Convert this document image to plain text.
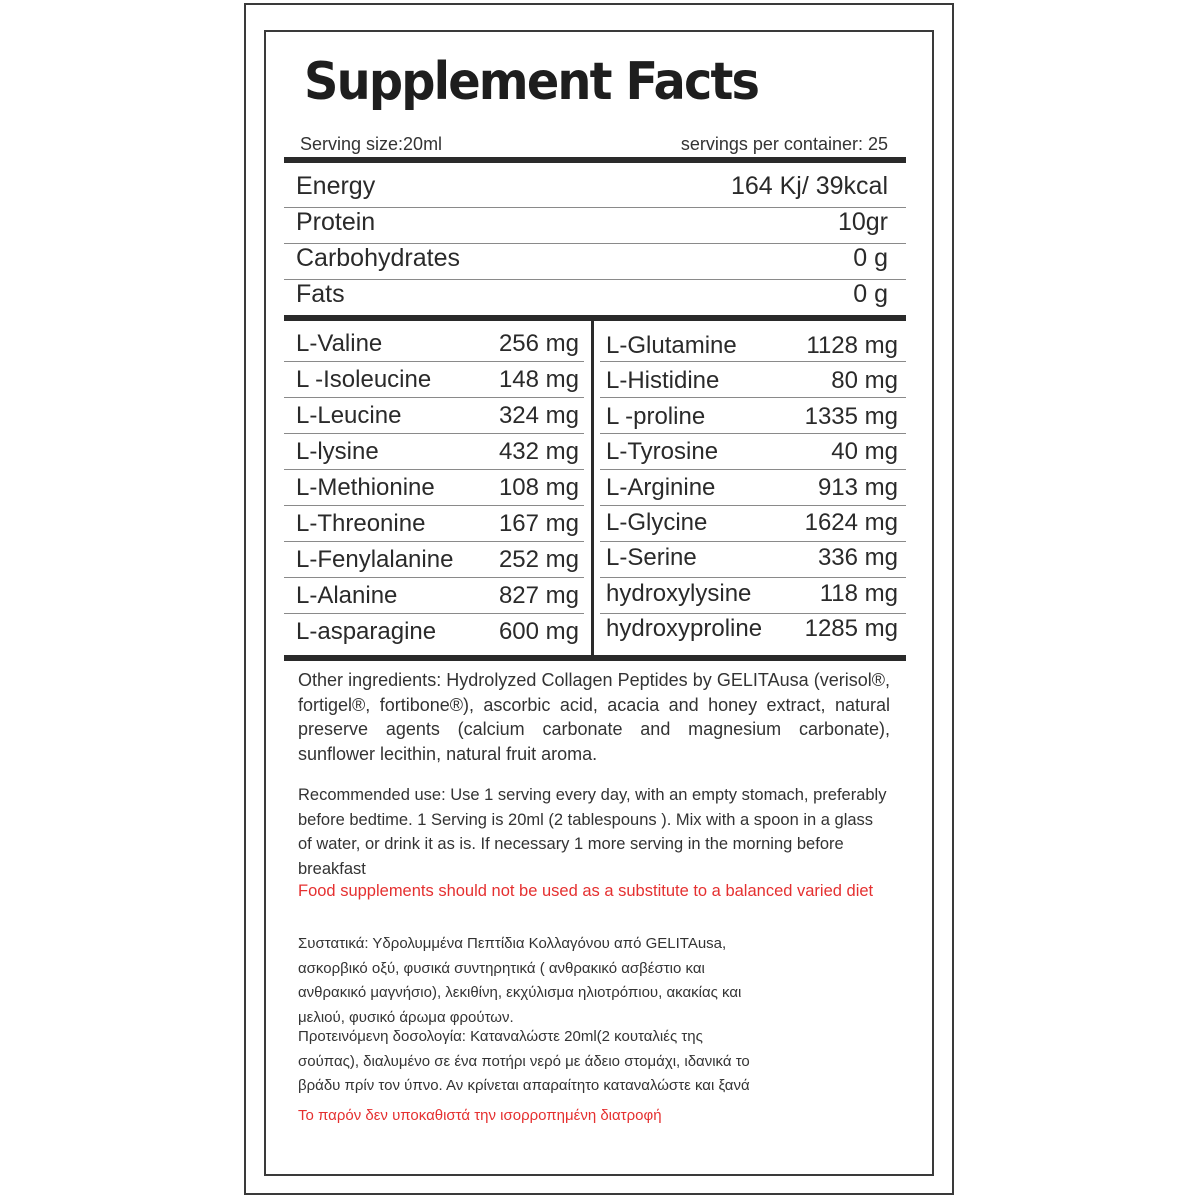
Supplement Facts
Serving size:20ml	servings per container: 25
Energy	164 Kj/ 39kcal
Protein	10gr
Carbohydrates	0 g
Fats	0 g
L-Valine	256 mg
L -Isoleucine	148 mg
L-Leucine	324 mg
L-lysine	432 mg
L-Methionine	108 mg
L-Threonine	167 mg
L-Fenylalanine 252 mg
L-Alanine	827 mg
L-asparagine	600 mg
L-Glutamine	1128 mg
L-Histidine	80 mg
L -proline	1335 mg
L-Tyrosine	40 mg
L-Arginine	913 mg
L-Glycine	1624 mg
L-Serine	336 mg
hydroxylysine	118 mg
hydroxyproline 1285 mg
Other ingredients: Hydrolyzed Collagen Peptides by GELITAusa (verisol®, fortigel®, fortibone®), ascorbic acid, acacia and honey extract, natural preserve agents (calcium carbonate and magnesium carbonate), sunflower lecithin, natural fruit aroma.
Recommended use: Use 1 serving every day, with an empty stomach, preferably before bedtime. 1 Serving is 20ml (2 tablespouns ). Mix with a spoon in a glass of water, or drink it as is. If necessary 1 more serving in the morning before breakfast
Food supplements should not be used as a substitute to a balanced varied diet
Συστατικά: Υδρολυμμένα Πεπτίδια Κολλαγόνου από GELITAusa,
ασκορβικό οξύ, φυσικά συντηρητικά ( ανθρακικό ασβέστιο και
ανθρακικό μαγνήσιο), λεκιθίνη, εκχύλισμα ηλιοτρόπιου, ακακίας και
μελιού, φυσικό άρωμα φρούτων.
Προτεινόμενη δοσολογία: Καταναλώστε 20ml(2 κουταλιές της
σούπας), διαλυμένο σε ένα ποτήρι νερό με άδειο στομάχι, ιδανικά το
βράδυ πρίν τον ύπνο. Αν κρίνεται απαραίτητο καταναλώστε και ξανά
Το παρόν δεν υποκαθιστά την ισορροπημένη διατροφή
